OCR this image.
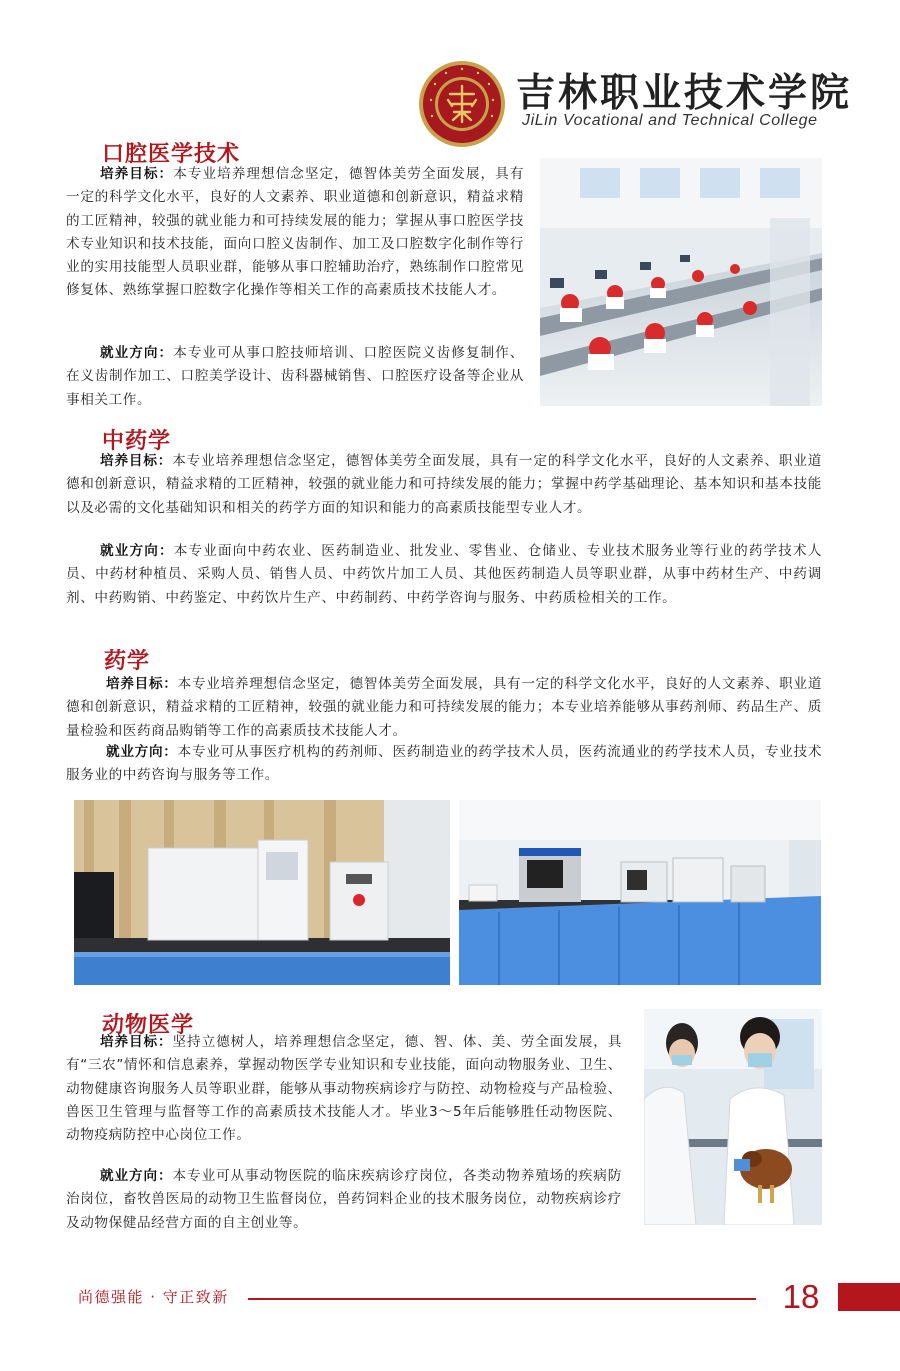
吉林职业技术学院
JiLin Vocational and Technical College
口腔医学技术

培养目标：本专业培养理想信念坚定，德智体美劳全面发展，具有一定的科学文化水平，良好的人文素养、职业道德和创新意识，精益求精的工匠精神，较强的就业能力和可持续发展的能力；掌握从事口腔医学技术专业知识和技术技能，面向口腔义齿制作、加工及口腔数字化制作等行业的实用技能型人员职业群，能够从事口腔辅助治疗，熟练制作口腔常见修复体、熟练掌握口腔数字化操作等相关工作的高素质技术技能人才。

就业方向：本专业可从事口腔技师培训、口腔医院义齿修复制作、在义齿制作加工、口腔美学设计、齿科器械销售、口腔医疗设备等企业从事相关工作。

中药学

培养目标：本专业培养理想信念坚定，德智体美劳全面发展，具有一定的科学文化水平，良好的人文素养、职业道德和创新意识，精益求精的工匠精神，较强的就业能力和可持续发展的能力；掌握中药学基础理论、基本知识和基本技能以及必需的文化基础知识和相关的药学方面的知识和能力的高素质技能型专业人才。

就业方向：本专业面向中药农业、医药制造业、批发业、零售业、仓储业、专业技术服务业等行业的药学技术人员、中药材种植员、采购人员、销售人员、中药饮片加工人员、其他医药制造人员等职业群，从事中药材生产、中药调剂、中药购销、中药鉴定、中药饮片生产、中药制药、中药学咨询与服务、中药质检相关的工作。

药学

培养目标：本专业培养理想信念坚定，德智体美劳全面发展，具有一定的科学文化水平，良好的人文素养、职业道德和创新意识，精益求精的工匠精神，较强的就业能力和可持续发展的能力；本专业培养能够从事药剂师、药品生产、质量检验和医药商品购销等工作的高素质技术技能人才。

就业方向：本专业可从事医疗机构的药剂师、医药制造业的药学技术人员，医药流通业的药学技术人员，专业技术服务业的中药咨询与服务等工作。

动物医学

培养目标：坚持立德树人，培养理想信念坚定，德、智、体、美、劳全面发展，具有“三农”情怀和信息素养，掌握动物医学专业知识和专业技能，面向动物服务业、卫生、动物健康咨询服务人员等职业群，能够从事动物疾病诊疗与防控、动物检疫与产品检验、兽医卫生管理与监督等工作的高素质技术技能人才。毕业3～5年后能够胜任动物医院、动物疫病防控中心岗位工作。

就业方向：本专业可从事动物医院的临床疾病诊疗岗位，各类动物养殖场的疾病防治岗位，畜牧兽医局的动物卫生监督岗位，兽药饲料企业的技术服务岗位，动物疾病诊疗及动物保健品经营方面的自主创业等。

尚德强能 · 守正致新	18
